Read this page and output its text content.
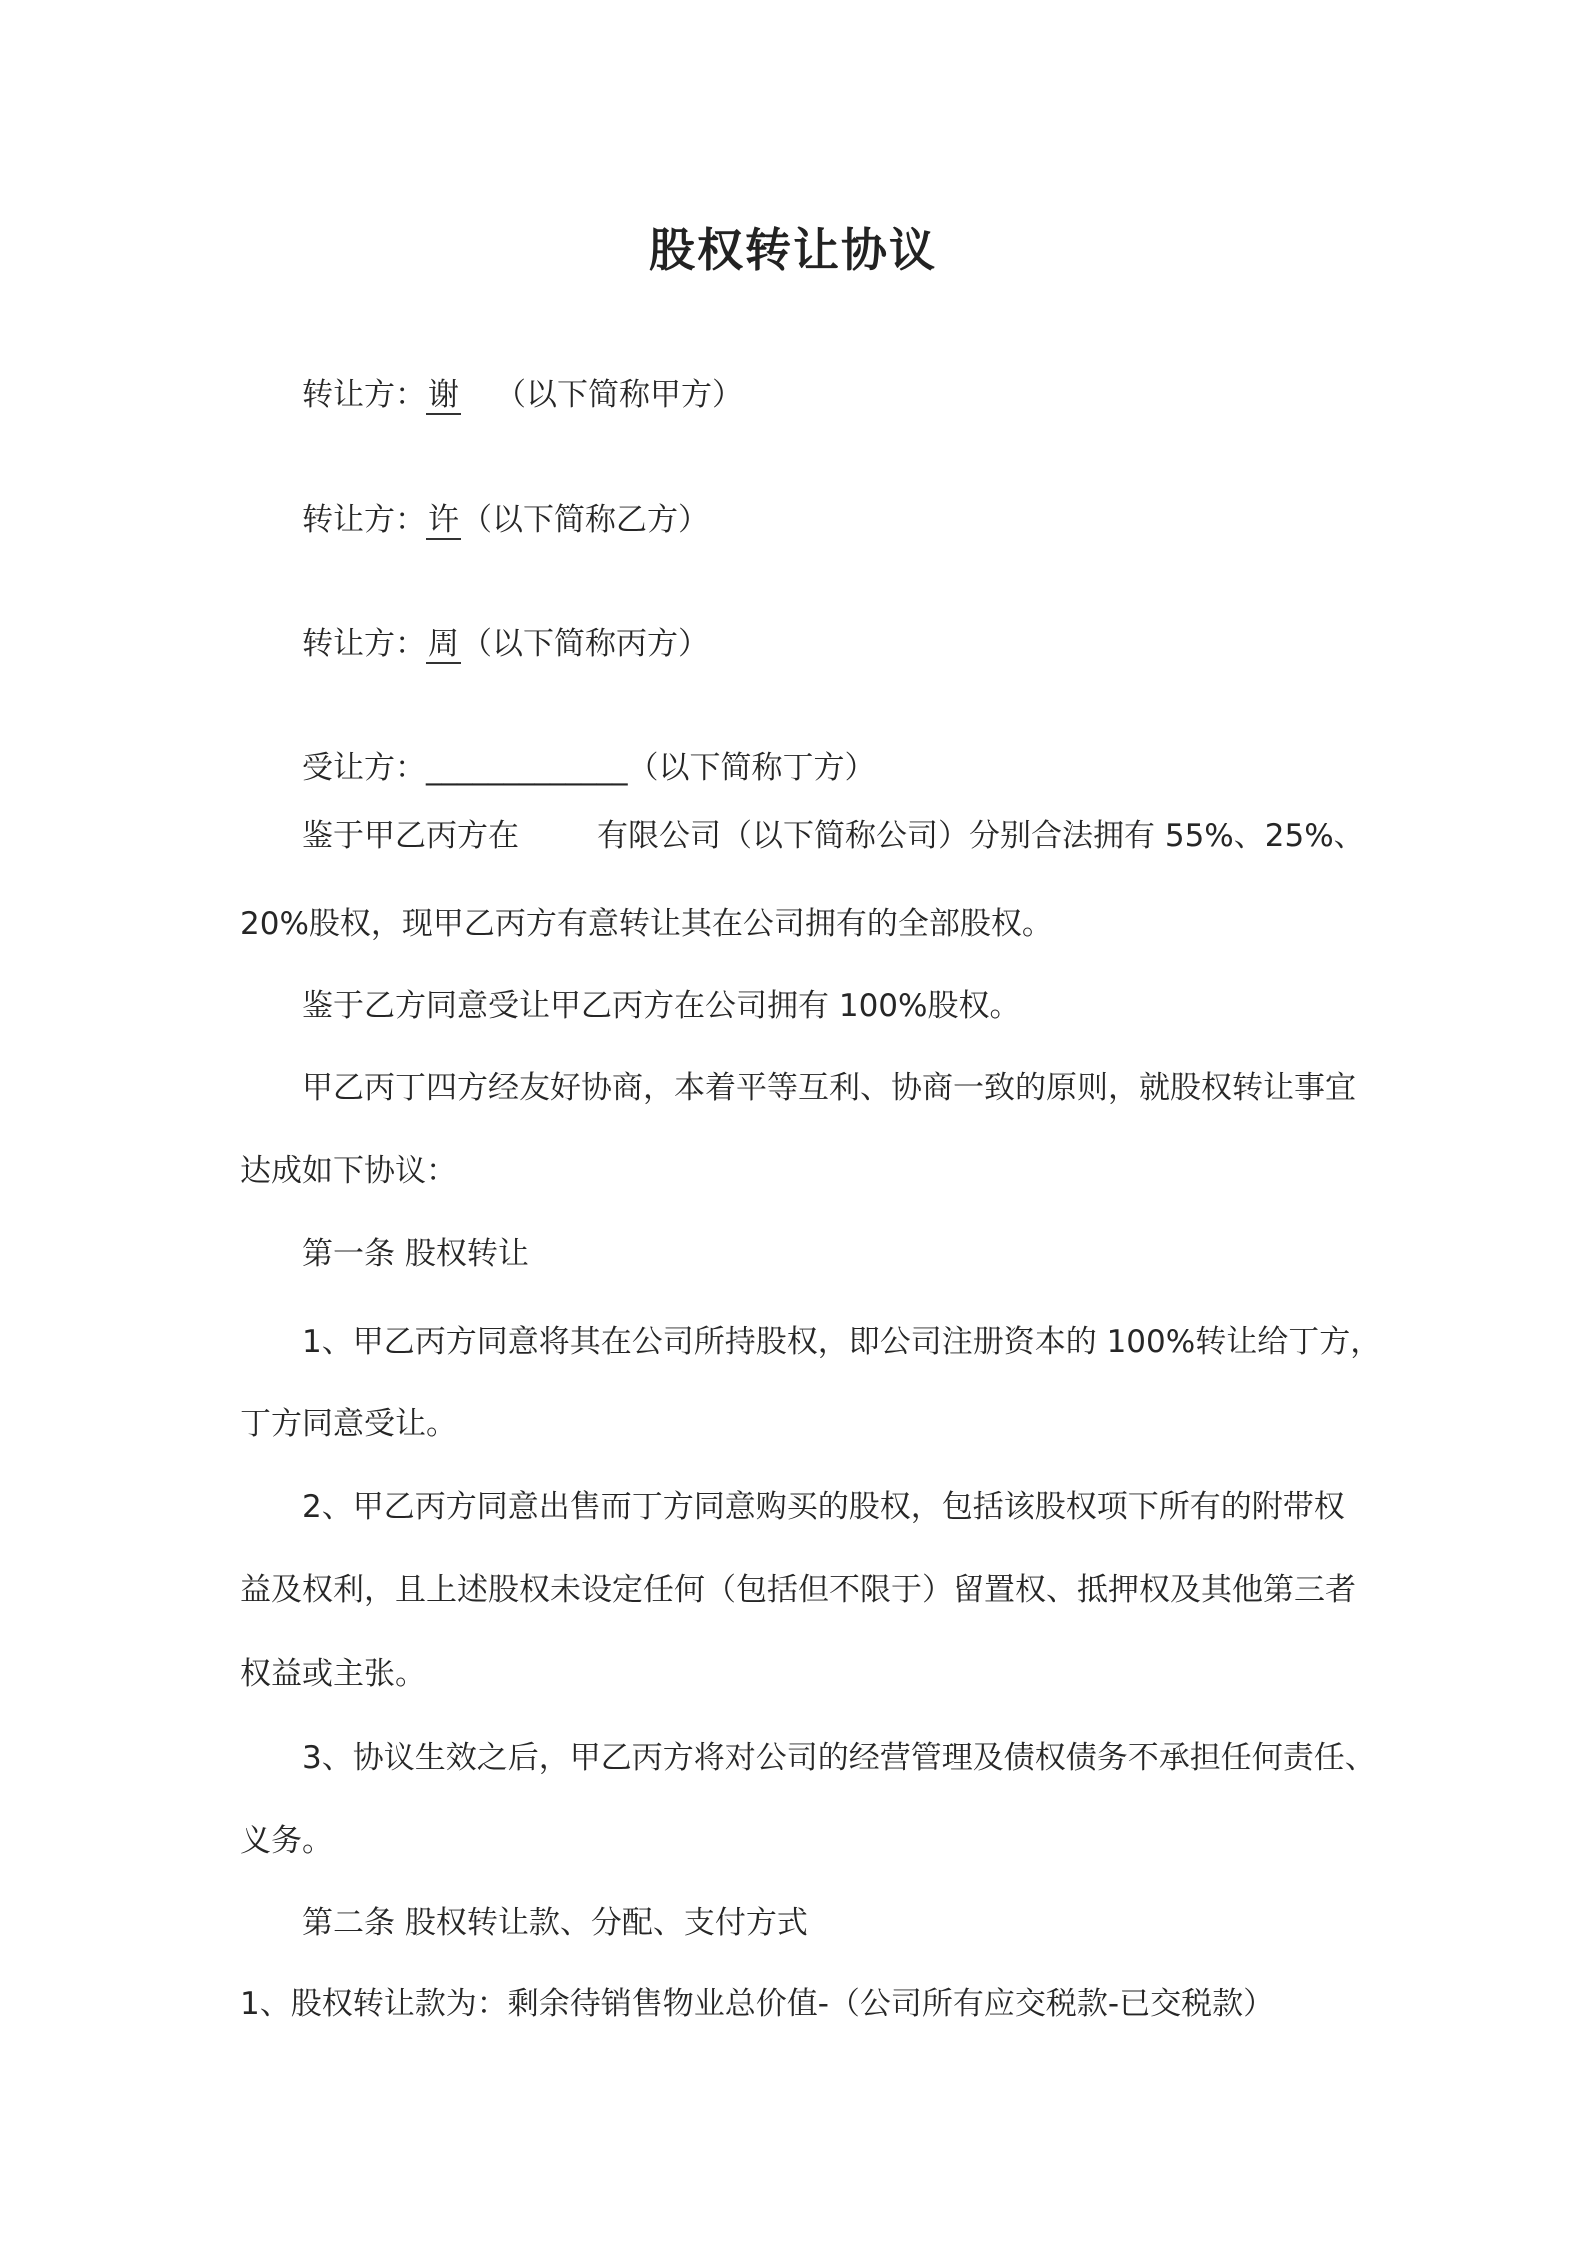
股权转让协议
转让方：谢 （以下简称甲方）
转让方：许（以下简称乙方）
转让方：周（以下简称丙方）
受让方：_____________（以下简称丁方）
鉴于甲乙丙方在	有限公司（以下简称公司）分别合法拥有 55%、25%、
20%股权，现甲乙丙方有意转让其在公司拥有的全部股权。
鉴于乙方同意受让甲乙丙方在公司拥有 100%股权。
甲乙丙丁四方经友好协商，本着平等互利、协商一致的原则，就股权转让事宜
达成如下协议：
第一条 股权转让
1、甲乙丙方同意将其在公司所持股权，即公司注册资本的 100%转让给丁方，
丁方同意受让。
2、甲乙丙方同意出售而丁方同意购买的股权，包括该股权项下所有的附带权
益及权利，且上述股权未设定任何（包括但不限于）留置权、抵押权及其他第三者
权益或主张。
3、协议生效之后，甲乙丙方将对公司的经营管理及债权债务不承担任何责任、
义务。
第二条 股权转让款、分配、支付方式
1、股权转让款为：剩余待销售物业总价值-（公司所有应交税款-已交税款）
